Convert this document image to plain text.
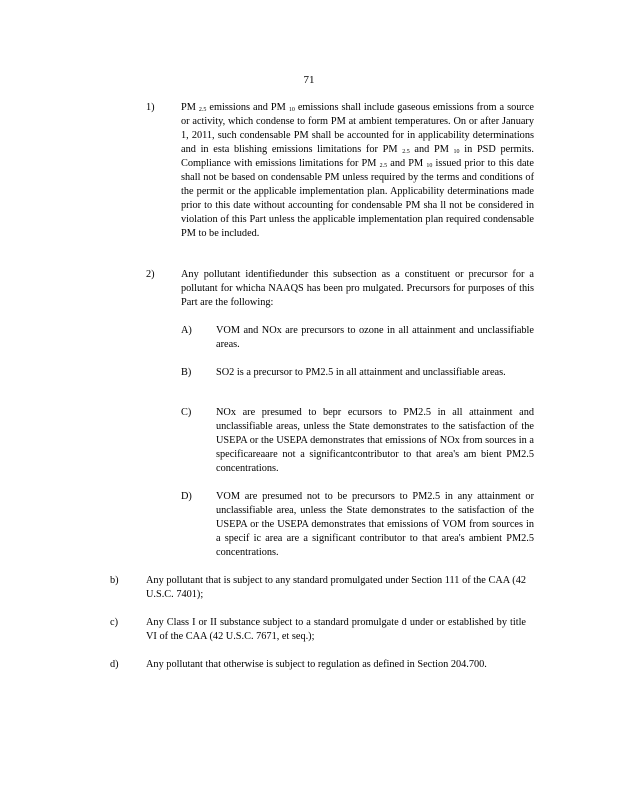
71
1)	PM $_{2.5}$ emissions and PM $_{10}$ emissions shall include gaseous emissions from a source or activity, which condense to form PM at ambient temperatures. On or after January 1, 2011, such condensable PM shall be accounted for in applicability determinations and in esta blishing emissions limitations for PM $_{2.5}$ and PM $_{10}$ in PSD permits. Compliance with emissions limitations for PM $_{2.5}$ and PM $_{10}$ issued prior to this date shall not be based on condensable PM unless required by the terms and conditions of the permit or the applicable implementation plan. Applicability determinations made prior to this date without accounting for condensable PM sha ll not be considered in violation of this Part unless the applicable implementation plan required condensable PM to be included.
2)	Any pollutant identifiedunder this subsection as a constituent or precursor for a pollutant for whicha NAAQS has been pro mulgated. Precursors for purposes of this Part are the following:
A) VOM and NOx are precursors to ozone in all attainment and unclassifiable areas.
B) SO2 is a precursor to PM2.5 in all attainment and unclassifiable areas.
C) NOx are presumed to bepr ecursors to PM2.5 in all attainment and unclassifiable areas, unless the State demonstrates to the satisfaction of the USEPA or the USEPA demonstrates that emissions of NOx from sources in a specificareaare not a significantcontributor to that area's am bient PM2.5 concentrations.
D) VOM are presumed not to be precursors to PM2.5 in any attainment or unclassifiable area, unless the State demonstrates to the satisfaction of the USEPA or the USEPA demonstrates that emissions of VOM from sources in a specif ic area are a significant contributor to that area's ambient PM2.5 concentrations.
b)	Any pollutant that is subject to any standard promulgated under Section 111 of the CAA (42 U.S.C. 7401);
c)	Any Class I or II substance subject to a standard promulgate d under or established by title VI of the CAA (42 U.S.C. 7671, et seq.);
d)	Any pollutant that otherwise is subject to regulation as defined in Section 204.700.
